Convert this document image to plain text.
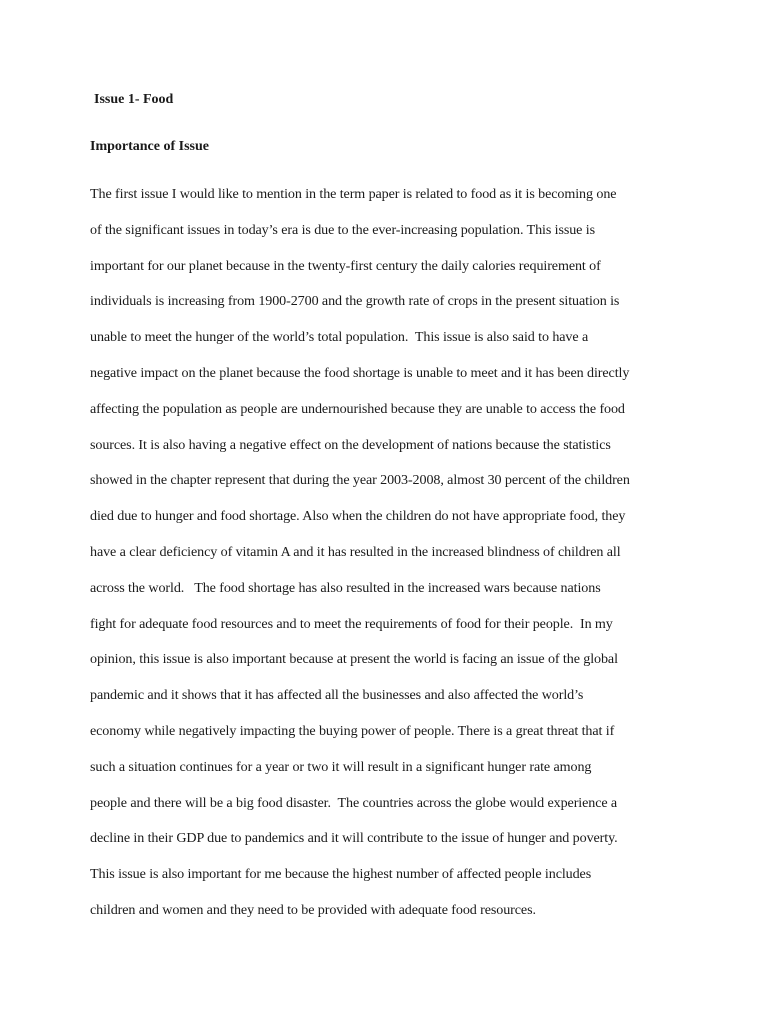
Issue 1- Food
Importance of Issue
The first issue I would like to mention in the term paper is related to food as it is becoming one
of the significant issues in today’s era is due to the ever-increasing population. This issue is
important for our planet because in the twenty-first century the daily calories requirement of
individuals is increasing from 1900-2700 and the growth rate of crops in the present situation is
unable to meet the hunger of the world’s total population.  This issue is also said to have a
negative impact on the planet because the food shortage is unable to meet and it has been directly
affecting the population as people are undernourished because they are unable to access the food
sources. It is also having a negative effect on the development of nations because the statistics
showed in the chapter represent that during the year 2003-2008, almost 30 percent of the children
died due to hunger and food shortage. Also when the children do not have appropriate food, they
have a clear deficiency of vitamin A and it has resulted in the increased blindness of children all
across the world.   The food shortage has also resulted in the increased wars because nations
fight for adequate food resources and to meet the requirements of food for their people.  In my
opinion, this issue is also important because at present the world is facing an issue of the global
pandemic and it shows that it has affected all the businesses and also affected the world’s
economy while negatively impacting the buying power of people. There is a great threat that if
such a situation continues for a year or two it will result in a significant hunger rate among
people and there will be a big food disaster.  The countries across the globe would experience a
decline in their GDP due to pandemics and it will contribute to the issue of hunger and poverty.
This issue is also important for me because the highest number of affected people includes
children and women and they need to be provided with adequate food resources.
